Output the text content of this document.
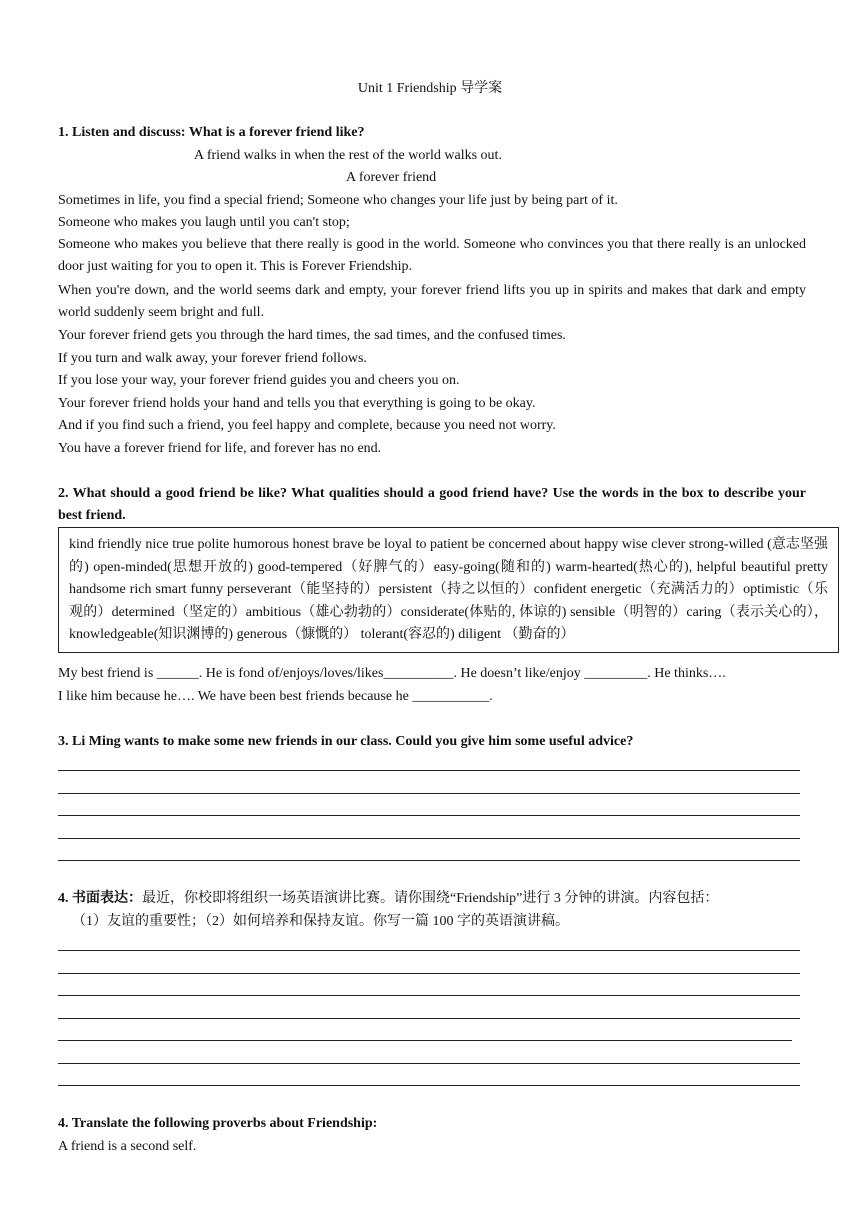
Unit 1 Friendship 导学案
1. Listen and discuss: What is a forever friend like?
A friend walks in when the rest of the world walks out.
A forever friend
Sometimes in life, you find a special friend; Someone who changes your life just by being part of it.
Someone who makes you laugh until you can't stop;
Someone who makes you believe that there really is good in the world. Someone who convinces you that there really is an unlocked door just waiting for you to open it. This is Forever Friendship.
When you're down, and the world seems dark and empty, your forever friend lifts you up in spirits and makes that dark and empty world suddenly seem bright and full.
Your forever friend gets you through the hard times, the sad times, and the confused times.
If you turn and walk away, your forever friend follows.
If you lose your way, your forever friend guides you and cheers you on.
Your forever friend holds your hand and tells you that everything is going to be okay.
And if you find such a friend, you feel happy and complete, because you need not worry.
You have a forever friend for life, and forever has no end.
2. What should a good friend be like? What qualities should a good friend have? Use the words in the box to describe your best friend.
kind friendly nice true polite humorous honest brave be loyal to patient be concerned about happy wise clever strong-willed (意志坚强的) open-minded(思想开放的) good-tempered（好脾气的）easy-going(随和的) warm-hearted(热心的), helpful beautiful pretty handsome rich smart funny perseverant（能坚持的）persistent（持之以恒的）confident energetic（充满活力的）optimistic（乐观的）determined（坚定的）ambitious（雄心勃勃的）considerate(体贴的, 体谅的) sensible（明智的）caring（表示关心的），knowledgeable(知识渊博的) generous（慷慨的） tolerant(容忍的) diligent （勤奋的）
My best friend is ______. He is fond of/enjoys/loves/likes__________. He doesn’t like/enjoy _________. He thinks….
I like him because he…. We have been best friends because he ___________.
3. Li Ming wants to make some new friends in our class. Could you give him some useful advice?
4. 书面表达：最近，你校即将组织一场英语演讲比赛。请你围绕“Friendship”进行 3 分钟的讲演。内容包括：
（1）友谊的重要性；（2）如何培养和保持友谊。你写一篇 100 字的英语演讲稿。
4. Translate the following proverbs about Friendship:
A friend is a second self.
